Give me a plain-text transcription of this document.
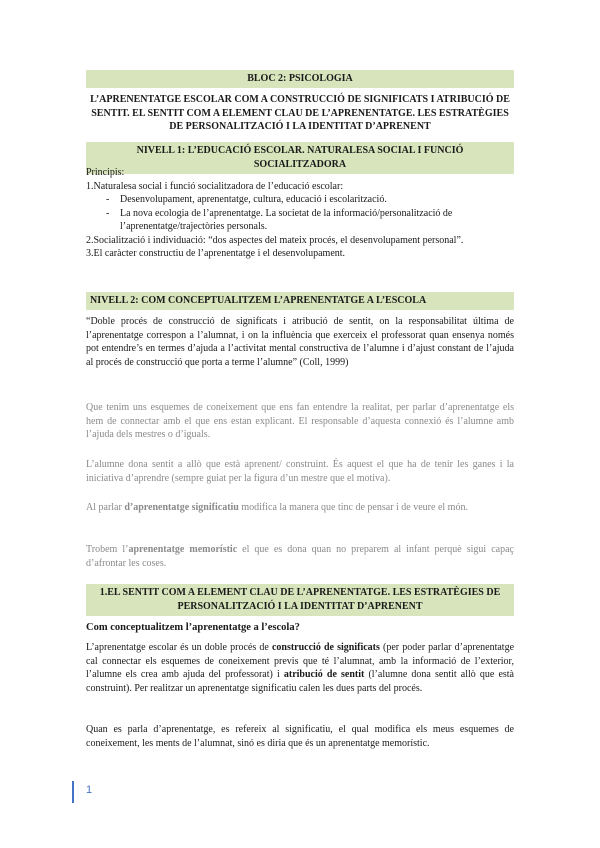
BLOC 2: PSICOLOGIA
L’APRENENTATGE ESCOLAR COM A CONSTRUCCIÓ DE SIGNIFICATS I ATRIBUCIÓ DE SENTIT. EL SENTIT COM A ELEMENT CLAU DE L’APRENENTATGE. LES ESTRATÈGIES DE PERSONALITZACIÓ I LA IDENTITAT D’APRENENT
NIVELL 1: L’EDUCACIÓ ESCOLAR. NATURALESA SOCIAL I FUNCIÓ SOCIALITZADORA

Principis:

1.Naturalesa social i funció socialitzadora de l’educació escolar:

- Desenvolupament, aprenentatge, cultura, educació i escolarització.
- La nova ecologia de l’aprenentatge. La societat de la informació/personalització de l’aprenentatge/trajectòries personals.

2.Socialització i individuació: “dos aspectes del mateix procés, el desenvolupament personal”.

3.El caràcter constructiu de l’aprenentatge i el desenvolupament.

NIVELL 2: COM CONCEPTUALITZEM L’APRENENTATGE A L’ESCOLA
“Doble procés de construcció de significats i atribució de sentit, on la responsabilitat última de l’aprenentatge correspon a l’alumnat, i on la influència que exerceix el professorat quan ensenya només pot entendre’s en termes d’ajuda a l’activitat mental constructiva de l’alumne i d’ajust constant de l’ajuda al procés de construcció que porta a terme l’alumne” (Coll, 1999)
Que tenim uns esquemes de coneixement que ens fan entendre la realitat, per parlar d’aprenentatge els hem de connectar amb el que ens estan explicant. El responsable d’aquesta connexió és l’alumne amb l’ajuda dels mestres o d’iguals.
L’alumne dona sentit a allò que està aprenent/ construint. És aquest el que ha de tenir les ganes i la iniciativa d’aprendre (sempre guiat per la figura d’un mestre que el motiva).
Al parlar d’aprenentatge significatiu modifica la manera que tinc de pensar i de veure el món.
Trobem l’aprenentatge memorístic el que es dona quan no preparem al infant perquè sigui capaç d’afrontar les coses.
1.EL SENTIT COM A ELEMENT CLAU DE L’APRENENTATGE. LES ESTRATÈGIES DE PERSONALITZACIÓ I LA IDENTITAT D’APRENENT
Com conceptualitzem l’aprenentatge a l’escola?
L’aprenentatge escolar és un doble procés de construcció de significats (per poder parlar d’aprenentatge cal connectar els esquemes de coneixement previs que té l’alumnat, amb la informació de l’exterior, l’alumne els crea amb ajuda del professorat) i atribució de sentit (l’alumne dona sentit allò que està construint). Per realitzar un aprenentatge significatiu calen les dues parts del procés.
Quan es parla d’aprenentatge, es refereix al significatiu, el qual modifica els meus esquemes de coneixement, les ments de l’alumnat, sinó es diria que és un aprenentatge memorístic.
1
